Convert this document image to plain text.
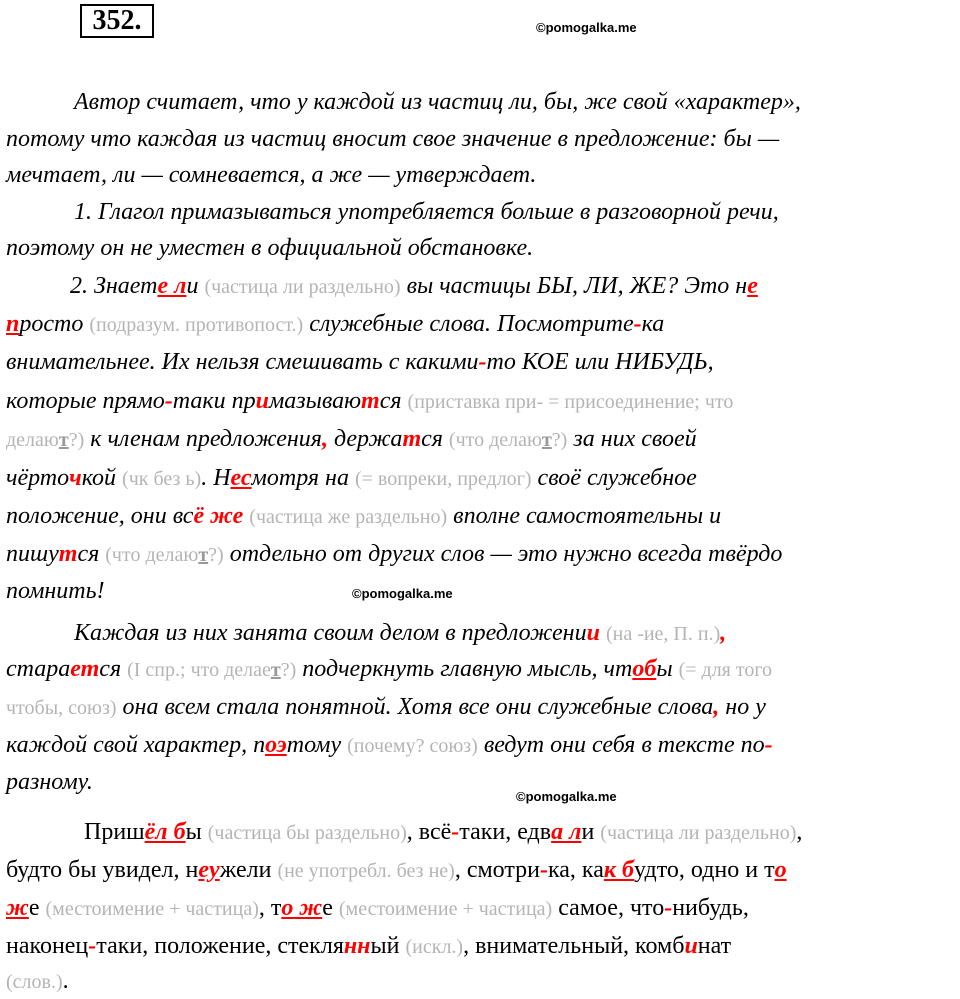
352.	©pomogalka.me
©pomogalka.me
©pomogalka.me
Автор считает, что у каждой из частиц ли, бы, же свой «характер»,
потому что каждая из частиц вносит свое значение в предложение: бы —
мечтает, ли — сомневается, а же — утверждает.
1. Глагол примазываться употребляется больше в разговорной речи,
поэтому он не уместен в официальной обстановке.
2. Знаете ли (частица ли раздельно) вы частицы БЫ, ЛИ, ЖЕ? Это не
просто (подразум. противопост.) служебные слова. Посмотрите-ка
внимательнее. Их нельзя смешивать с какими-то КОЕ или НИБУДЬ,
которые прямо-таки примазываются (приставка при- = присоединение; что
делают?) к членам предложения, держатся (что делают?) за них своей
чёрточкой (чк без ь). Несмотря на (= вопреки, предлог) своё служебное
положение, они всё же (частица же раздельно) вполне самостоятельны и
пишутся (что делают?) отдельно от других слов — это нужно всегда твёрдо
помнить!
Каждая из них занята своим делом в предложении (на -ие, П. п.),
старается (I спр.; что делает?) подчеркнуть главную мысль, чтобы (= для того
чтобы, союз) она всем стала понятной. Хотя все они служебные слова, но у
каждой свой характер, поэтому (почему? союз) ведут они себя в тексте по-
разному.
Пришёл бы (частица бы раздельно), всё-таки, едва ли (частица ли раздельно),
будто бы увидел, неужели (не употребл. без не), смотри-ка, как будто, одно и то
же (местоимение + частица), то же (местоимение + частица) самое, что-нибудь,
наконец-таки, положение, стеклянный (искл.), внимательный, комбинат
(слов.).
